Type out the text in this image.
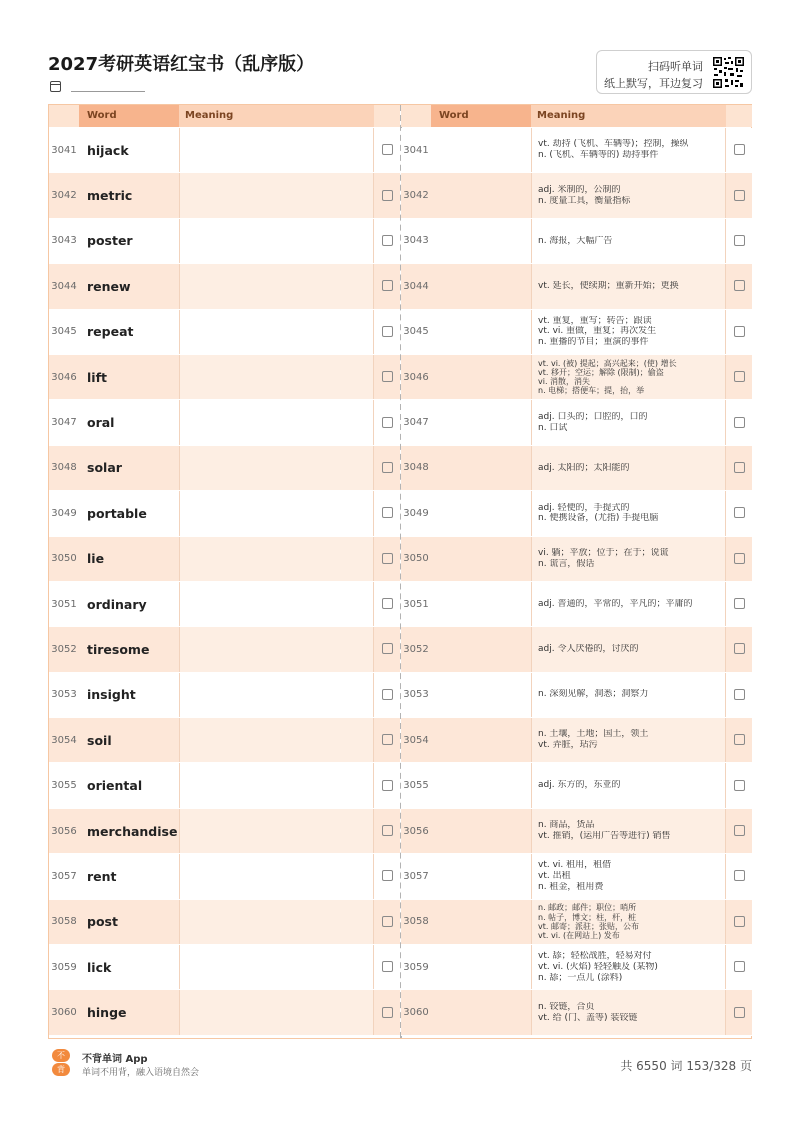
2027考研英语红宝书（乱序版）	扫码听单词
纸上默写，耳边复习
Word	Meaning
3041 hijack
3042 metric
3043 poster
3044 renew
3045 repeat
3046 lift
3047 oral
3048 solar
3049 portable
3050 lie
3051 ordinary
3052 tiresome
3053 insight
3054 soil
3055 oriental
3056 merchandise
3057 rent
3058 post
3059 lick
3060 hinge
Word	Meaning
3041
vt. 劫持 (飞机、车辆等)；控制，操纵
n. (飞机、车辆等的) 劫持事件
3042
adj. 米制的，公制的
n. 度量工具，衡量指标
3043	n. 海报，大幅广告
3044	vt. 延长，使续期；重新开始；更换
3045
vt. 重复，重写；转告；跟读
vt. vi. 重做，重复；再次发生
n. 重播的节目；重演的事件
3046
vt. vi. (被) 提起；高兴起来；(使) 增长
vt. 移开；空运；解除 (限制)；偷盗
vi. 消散，消失
n. 电梯；搭便车；提，抬，举
3047
adj. 口头的；口腔的，口的
n. 口试
3048	adj. 太阳的；太阳能的
3049
adj. 轻便的，手提式的
n. 便携设备，(尤指) 手提电脑
3050
vi. 躺；平放；位于；在于；说谎
n. 谎言，假话
3051	adj. 普通的，平常的，平凡的；平庸的
3052	adj. 令人厌倦的，讨厌的
3053	n. 深刻见解，洞悉；洞察力
3054
n. 土壤，土地；国土，领土
vt. 弄脏，玷污
3055	adj. 东方的，东亚的
3056
n. 商品，货品
vt. 推销，(运用广告等进行) 销售
3057
vt. vi. 租用，租借
vt. 出租
n. 租金，租用费
3058
n. 邮政；邮件；职位；哨所
n. 帖子，博文；柱，杆，桩
vt. 邮寄；派驻；张贴，公布
vt. vi. (在网站上) 发布
3059
vt. 舔；轻松战胜，轻易对付
vt. vi. (火焰) 轻轻触及 (某物)
n. 舔；一点儿 (涂料)
3060
n. 铰链，合页
vt. 给 (门、盖等) 装铰链
不
背
不背单词 App
单词不用背，融入语境自然会	共 6550 词 153/328 页
